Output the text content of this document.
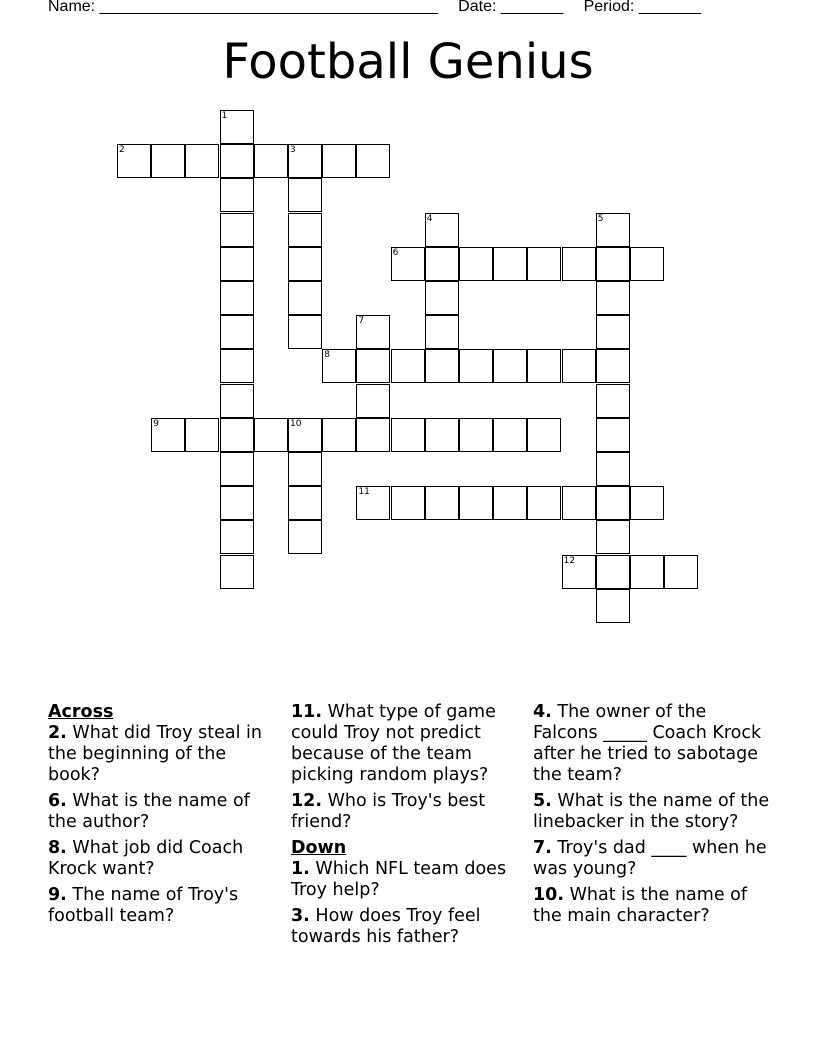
Name: ______________________________________ Date: _______ Period: _______
Football Genius
1
2	3
4	5
6
7
8
9	10
11
12

Across

2. What did Troy steal in the beginning of the book?

6. What is the name of the author?

8. What job did Coach Krock want?

9. The name of Troy's football team?

11. What type of game could Troy not predict because of the team picking random plays?

12. Who is Troy's best friend?

Down

1. Which NFL team does Troy help?

3. How does Troy feel towards his father?

4. The owner of the Falcons _____ Coach Krock after he tried to sabotage the team?

5. What is the name of the linebacker in the story?

7. Troy's dad ____ when he was young?

10. What is the name of the main character?
